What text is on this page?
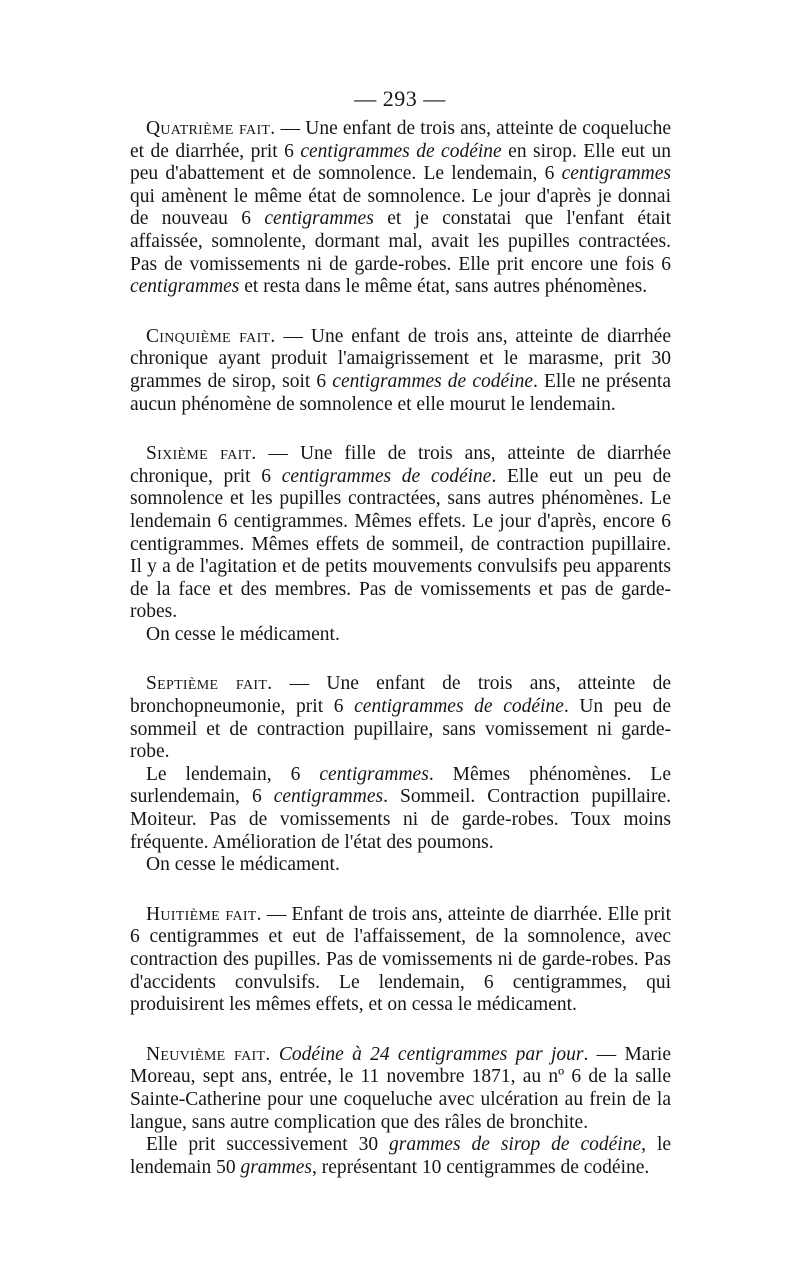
— 293 —

Quatrième fait. — Une enfant de trois ans, atteinte de coqueluche et de diarrhée, prit 6 centigrammes de codéine en sirop. Elle eut un peu d'abattement et de somnolence. Le lendemain, 6 centigrammes qui amènent le même état de somnolence. Le jour d'après je donnai de nouveau 6 centigrammes et je constatai que l'enfant était affaissée, somnolente, dormant mal, avait les pupilles contractées. Pas de vomissements ni de garde-robes. Elle prit encore une fois 6 centigrammes et resta dans le même état, sans autres phénomènes.

Cinquième fait. — Une enfant de trois ans, atteinte de diarrhée chronique ayant produit l'amaigrissement et le marasme, prit 30 grammes de sirop, soit 6 centigrammes de codéine. Elle ne présenta aucun phénomène de somnolence et elle mourut le lendemain.

Sixième fait. — Une fille de trois ans, atteinte de diarrhée chronique, prit 6 centigrammes de codéine. Elle eut un peu de somnolence et les pupilles contractées, sans autres phénomènes. Le lendemain 6 centigrammes. Mêmes effets. Le jour d'après, encore 6 centigrammes. Mêmes effets de sommeil, de contraction pupillaire. Il y a de l'agitation et de petits mouvements convulsifs peu apparents de la face et des membres. Pas de vomissements et pas de garde-robes.

On cesse le médicament.

Septième fait. — Une enfant de trois ans, atteinte de bronchopneumonie, prit 6 centigrammes de codéine. Un peu de sommeil et de contraction pupillaire, sans vomissement ni garde-robe.

Le lendemain, 6 centigrammes. Mêmes phénomènes. Le surlendemain, 6 centigrammes. Sommeil. Contraction pupillaire. Moiteur. Pas de vomissements ni de garde-robes. Toux moins fréquente. Amélioration de l'état des poumons.

On cesse le médicament.

Huitième fait. — Enfant de trois ans, atteinte de diarrhée. Elle prit 6 centigrammes et eut de l'affaissement, de la somnolence, avec contraction des pupilles. Pas de vomissements ni de garde-robes. Pas d'accidents convulsifs. Le lendemain, 6 centigrammes, qui produisirent les mêmes effets, et on cessa le médicament.

Neuvième fait. Codéine à 24 centigrammes par jour. — Marie Moreau, sept ans, entrée, le 11 novembre 1871, au nº 6 de la salle Sainte-Catherine pour une coqueluche avec ulcération au frein de la langue, sans autre complication que des râles de bronchite.

Elle prit successivement 30 grammes de sirop de codéine, le lendemain 50 grammes, représentant 10 centigrammes de codéine.
